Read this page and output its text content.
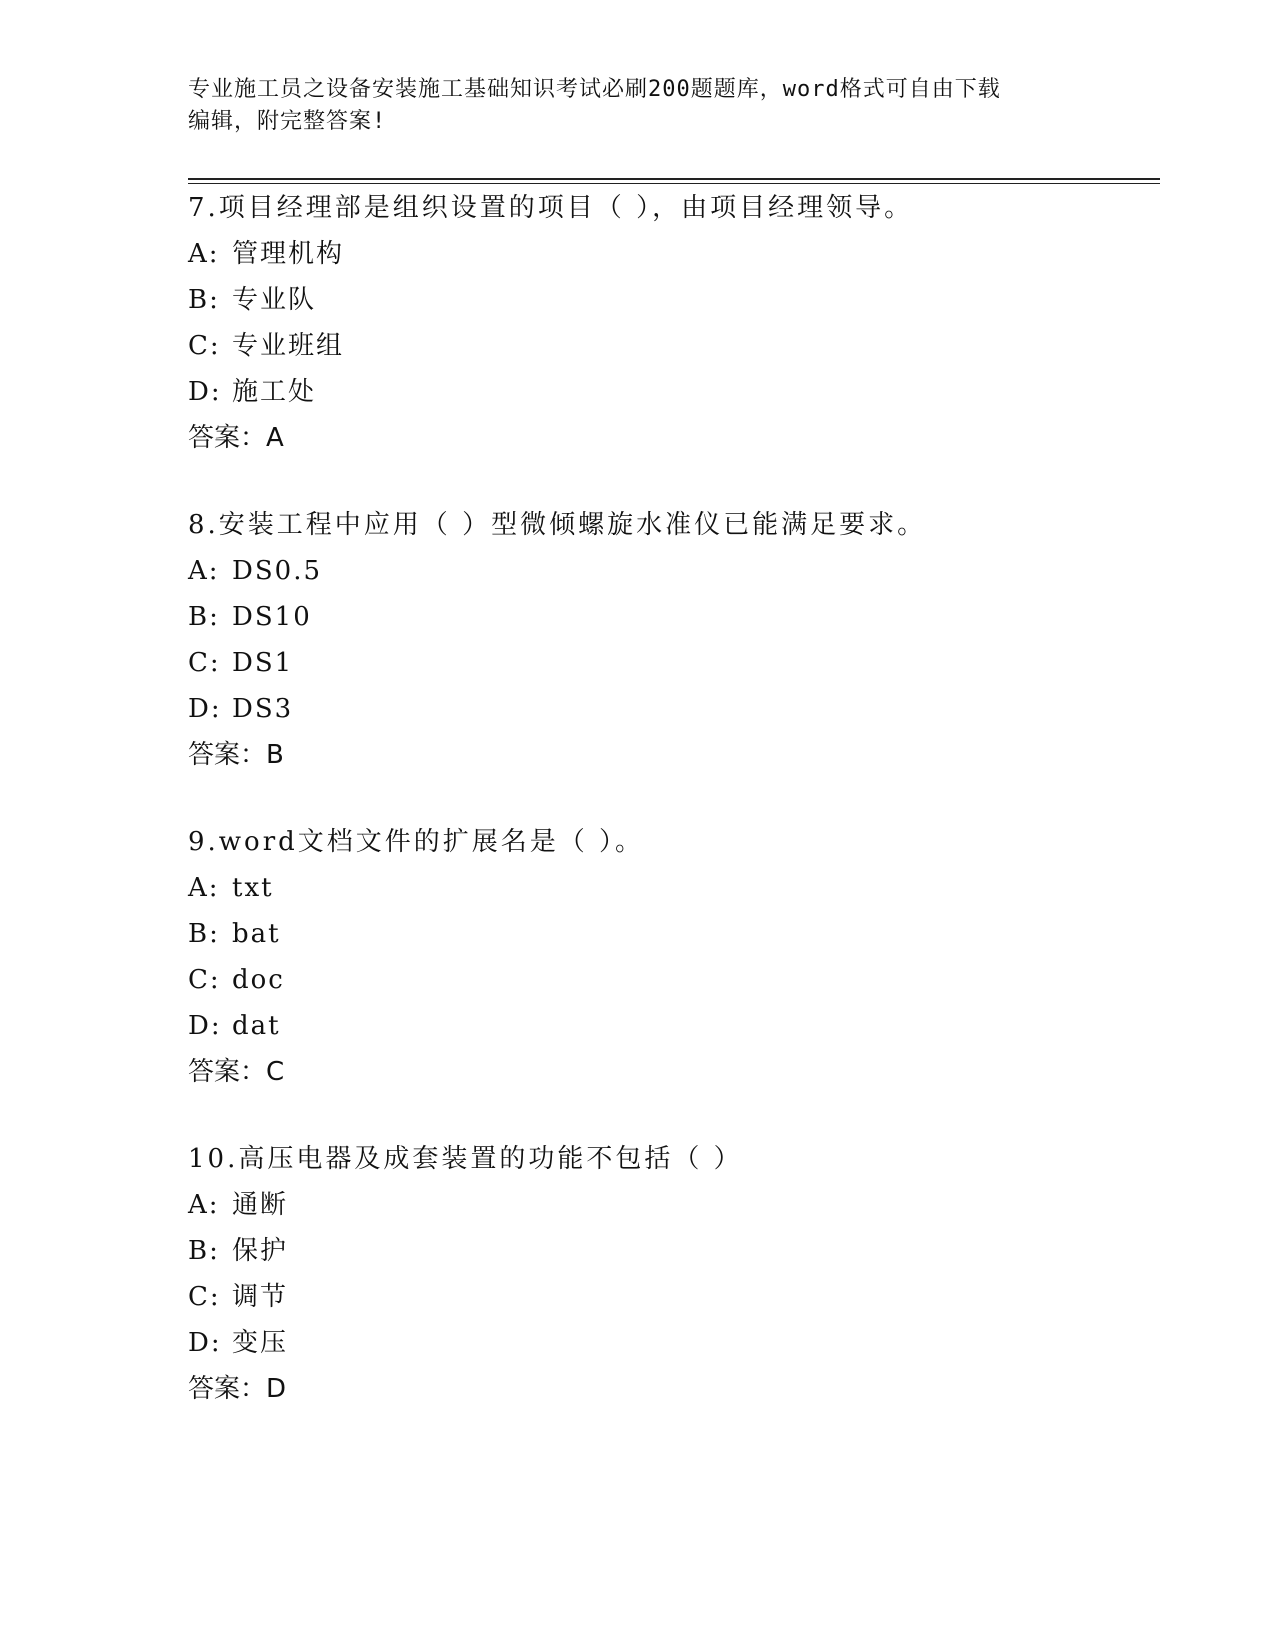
专业施工员之设备安装施工基础知识考试必刷200题题库，word格式可自由下载
编辑，附完整答案!
7.项目经理部是组织设置的项目（ ），由项目经理领导。
A: 管理机构
B: 专业队
C: 专业班组
D: 施工处
答案：A
8.安装工程中应用（ ）型微倾螺旋水准仪已能满足要求。
A: DS0.5
B: DS10
C: DS1
D: DS3
答案：B
9.word文档文件的扩展名是（ ）。
A: txt
B: bat
C: doc
D: dat
答案：C
10.高压电器及成套装置的功能不包括（ ）
A: 通断
B: 保护
C: 调节
D: 变压
答案：D
